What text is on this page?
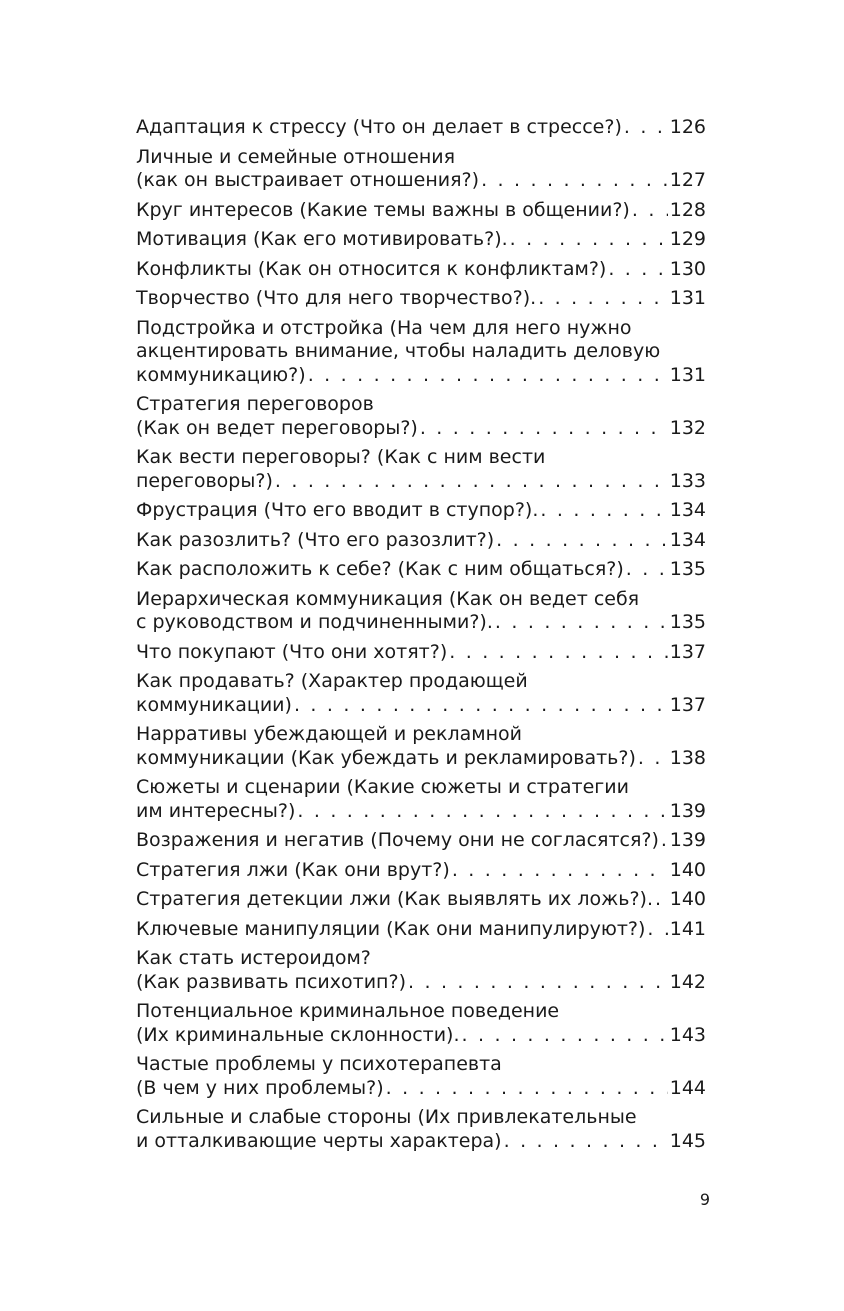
Адаптация к стрессу (Что он делает в стрессе?) . . .	126
Личные и семейные отношения
(как он выстраивает отношения?) . . .	127
Круг интересов (Какие темы важны в общении?) . . . 128
Мотивация (Как его мотивировать?). . . .	129
Конфликты (Как он относится к конфликтам?) . . .	130
Творчество (Что для него творчество?). . . .	131
Подстройка и отстройка (На чем для него нужно
акцентировать внимание, чтобы наладить деловую
коммуникацию?) . . .	131
Стратегия переговоров
(Как он ведет переговоры?) . . .	132
Как вести переговоры? (Как с ним вести
переговоры?) . . .	133
Фрустрация (Что его вводит в ступор?). . . .	134
Как разозлить? (Что его разозлит?) . . .	134
Как расположить к себе? (Как с ним общаться?) . . . 135
Иерархическая коммуникация (Как он ведет себя
с руководством и подчиненными?). . . .	135
Что покупают (Что они хотят?) . . .	137
Как продавать? (Характер продающей
коммуникации) . . .	137
Нарративы убеждающей и рекламной
коммуникации (Как убеждать и рекламировать?) . . . 138
Сюжеты и сценарии (Какие сюжеты и стратегии
им интересны?) . . .	139
Возражения и негатив (Почему они не согласятся?) . . . 139
Стратегия лжи (Как они врут?) . . .	140
Стратегия детекции лжи (Как выявлять их ложь?). . . . 140
Ключевые манипуляции (Как они манипулируют?) . . . 141
Как стать истероидом?
(Как развивать психотип?) . . .	142
Потенциальное криминальное поведение
(Их криминальные склонности). . . .	143
Частые проблемы у психотерапевта
(В чем у них проблемы?) . . .	144
Сильные и слабые стороны (Их привлекательные
и отталкивающие черты характера) . . .	145
9
